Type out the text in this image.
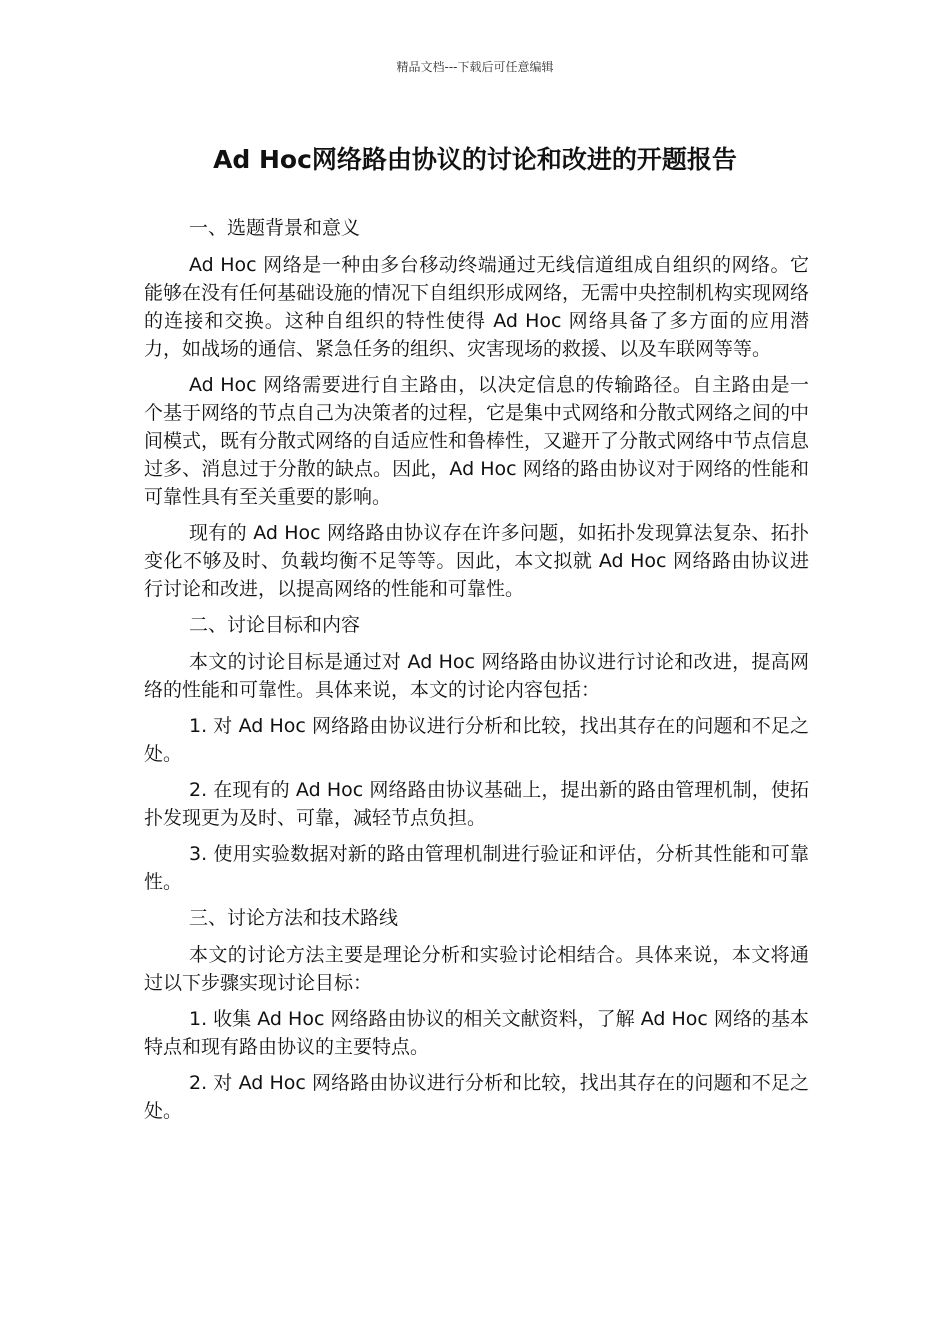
精品文档---下载后可任意编辑
Ad Hoc网络路由协议的讨论和改进的开题报告

一、选题背景和意义

Ad Hoc 网络是一种由多台移动终端通过无线信道组成自组织的网络。它能够在没有任何基础设施的情况下自组织形成网络，无需中央控制机构实现网络的连接和交换。这种自组织的特性使得 Ad Hoc 网络具备了多方面的应用潜力，如战场的通信、紧急任务的组织、灾害现场的救援、以及车联网等等。

Ad Hoc 网络需要进行自主路由，以决定信息的传输路径。自主路由是一个基于网络的节点自己为决策者的过程，它是集中式网络和分散式网络之间的中间模式，既有分散式网络的自适应性和鲁棒性，又避开了分散式网络中节点信息过多、消息过于分散的缺点。因此，Ad Hoc 网络的路由协议对于网络的性能和可靠性具有至关重要的影响。

现有的 Ad Hoc 网络路由协议存在许多问题，如拓扑发现算法复杂、拓扑变化不够及时、负载均衡不足等等。因此，本文拟就 Ad Hoc 网络路由协议进行讨论和改进，以提高网络的性能和可靠性。

二、讨论目标和内容

本文的讨论目标是通过对 Ad Hoc 网络路由协议进行讨论和改进，提高网络的性能和可靠性。具体来说，本文的讨论内容包括：

1. 对 Ad Hoc 网络路由协议进行分析和比较，找出其存在的问题和不足之处。

2. 在现有的 Ad Hoc 网络路由协议基础上，提出新的路由管理机制，使拓扑发现更为及时、可靠，减轻节点负担。

3. 使用实验数据对新的路由管理机制进行验证和评估，分析其性能和可靠性。

三、讨论方法和技术路线

本文的讨论方法主要是理论分析和实验讨论相结合。具体来说，本文将通过以下步骤实现讨论目标：

1. 收集 Ad Hoc 网络路由协议的相关文献资料，了解 Ad Hoc 网络的基本特点和现有路由协议的主要特点。

2. 对 Ad Hoc 网络路由协议进行分析和比较，找出其存在的问题和不足之处。
